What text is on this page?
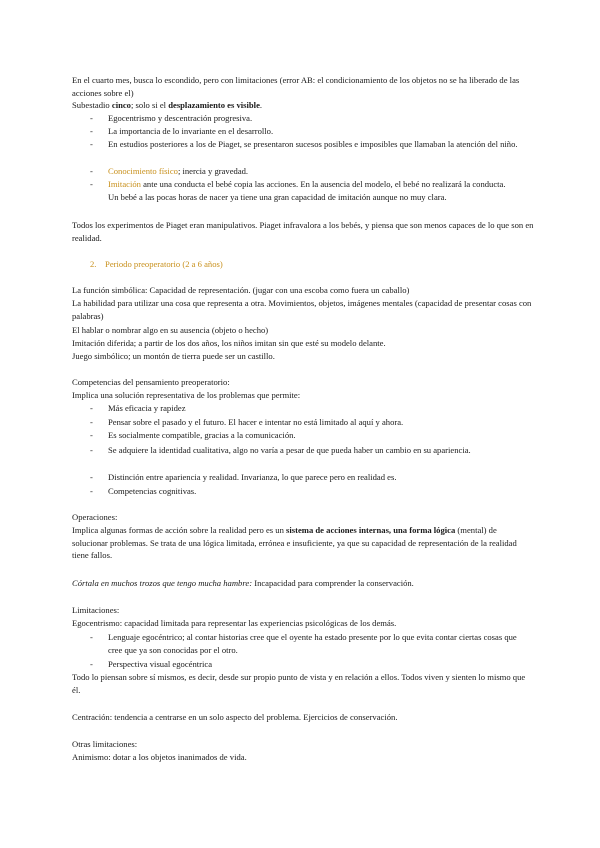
En el cuarto mes, busca lo escondido, pero con limitaciones (error AB: el condicionamiento de los objetos no se ha liberado de las acciones sobre el)
Subestadio cinco; solo si el desplazamiento es visible.
- Egocentrismo y descentración progresiva.
- La importancia de lo invariante en el desarrollo.
- En estudios posteriores a los de Piaget, se presentaron sucesos posibles e imposibles que llamaban la atención del niño.
- Conocimiento físico; inercia y gravedad.
- Imitación ante una conducta el bebé copia las acciones. En la ausencia del modelo, el bebé no realizará la conducta. Un bebé a las pocas horas de nacer ya tiene una gran capacidad de imitación aunque no muy clara.
Todos los experimentos de Piaget eran manipulativos. Piaget infravalora a los bebés, y piensa que son menos capaces de lo que son en realidad.
2. Periodo preoperatorio (2 a 6 años)
La función simbólica: Capacidad de representación. (jugar con una escoba como fuera un caballo)
La habilidad para utilizar una cosa que representa a otra. Movimientos, objetos, imágenes mentales (capacidad de presentar cosas con palabras)
El hablar o nombrar algo en su ausencia (objeto o hecho)
Imitación diferida; a partir de los dos años, los niños imitan sin que esté su modelo delante.
Juego simbólico; un montón de tierra puede ser un castillo.
Competencias del pensamiento preoperatorio:
Implica una solución representativa de los problemas que permite:
- Más eficacia y rapidez
- Pensar sobre el pasado y el futuro. El hacer e intentar no está limitado al aquí y ahora.
- Es socialmente compatible, gracias a la comunicación.
- Se adquiere la identidad cualitativa, algo no varía a pesar de que pueda haber un cambio en su apariencia.
- Distinción entre apariencia y realidad. Invarianza, lo que parece pero en realidad es.
- Competencias cognitivas.
Operaciones:
Implica algunas formas de acción sobre la realidad pero es un sistema de acciones internas, una forma lógica (mental) de solucionar problemas. Se trata de una lógica limitada, errónea e insuficiente, ya que su capacidad de representación de la realidad tiene fallos.
Córtala en muchos trozos que tengo mucha hambre: Incapacidad para comprender la conservación.
Limitaciones:
Egocentrismo: capacidad limitada para representar las experiencias psicológicas de los demás.
- Lenguaje egocéntrico; al contar historias cree que el oyente ha estado presente por lo que evita contar ciertas cosas que cree que ya son conocidas por el otro.
- Perspectiva visual egocéntrica
Todo lo piensan sobre sí mismos, es decir, desde sur propio punto de vista y en relación a ellos. Todos viven y sienten lo mismo que él.
Centración: tendencia a centrarse en un solo aspecto del problema. Ejercicios de conservación.
Otras limitaciones:
Animismo: dotar a los objetos inanimados de vida.
